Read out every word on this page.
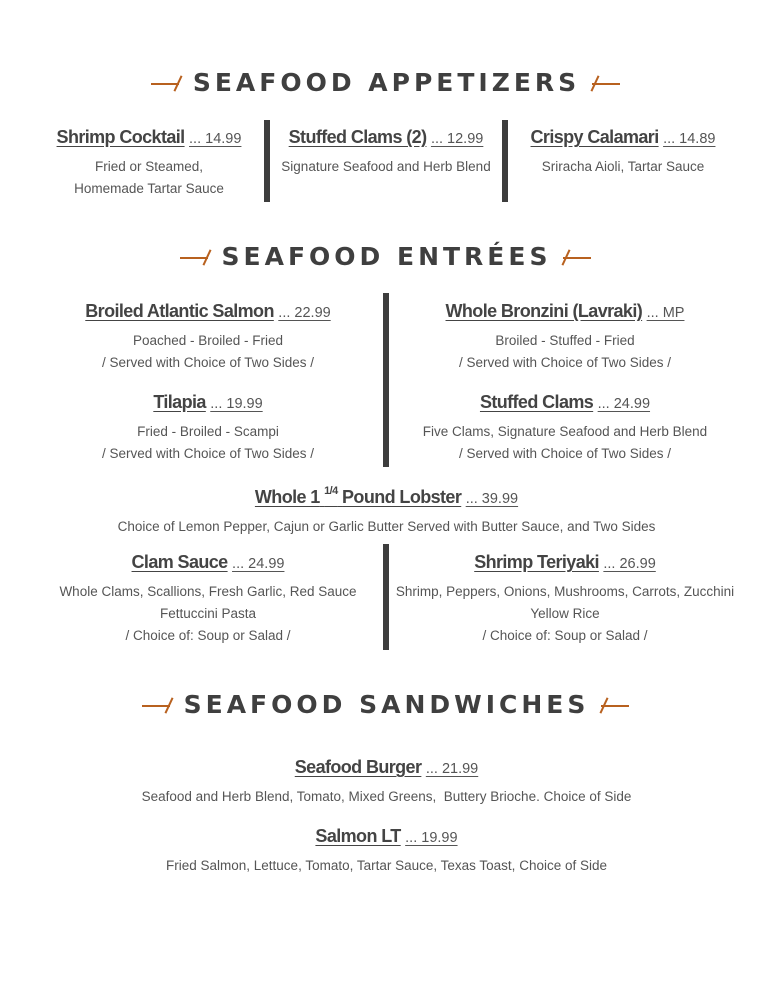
SEAFOOD APPETIZERS
Shrimp Cocktail ... 14.99
Fried or Steamed,
Homemade Tartar Sauce
Stuffed Clams (2) ... 12.99
Signature Seafood and Herb Blend
Crispy Calamari ... 14.89
Sriracha Aioli, Tartar Sauce
SEAFOOD ENTRÉES
Broiled Atlantic Salmon ... 22.99
Poached - Broiled - Fried
/ Served with Choice of Two Sides /
Whole Bronzini (Lavraki) ... MP
Broiled - Stuffed - Fried
/ Served with Choice of Two Sides /
Tilapia ... 19.99
Fried - Broiled - Scampi
/ Served with Choice of Two Sides /
Stuffed Clams ... 24.99
Five Clams, Signature Seafood and Herb Blend
/ Served with Choice of Two Sides /
Whole 1 $^{1/4}$ Pound Lobster ... 39.99
Choice of Lemon Pepper, Cajun or Garlic Butter Served with Butter Sauce, and Two Sides
Clam Sauce ... 24.99
Whole Clams, Scallions, Fresh Garlic, Red Sauce
Fettuccini Pasta
/ Choice of: Soup or Salad /
Shrimp Teriyaki ... 26.99
Shrimp, Peppers, Onions, Mushrooms, Carrots, Zucchini
Yellow Rice
/ Choice of: Soup or Salad /
SEAFOOD SANDWICHES
Seafood Burger ... 21.99
Seafood and Herb Blend, Tomato, Mixed Greens,  Buttery Brioche. Choice of Side
Salmon LT ... 19.99
Fried Salmon, Lettuce, Tomato, Tartar Sauce, Texas Toast, Choice of Side
